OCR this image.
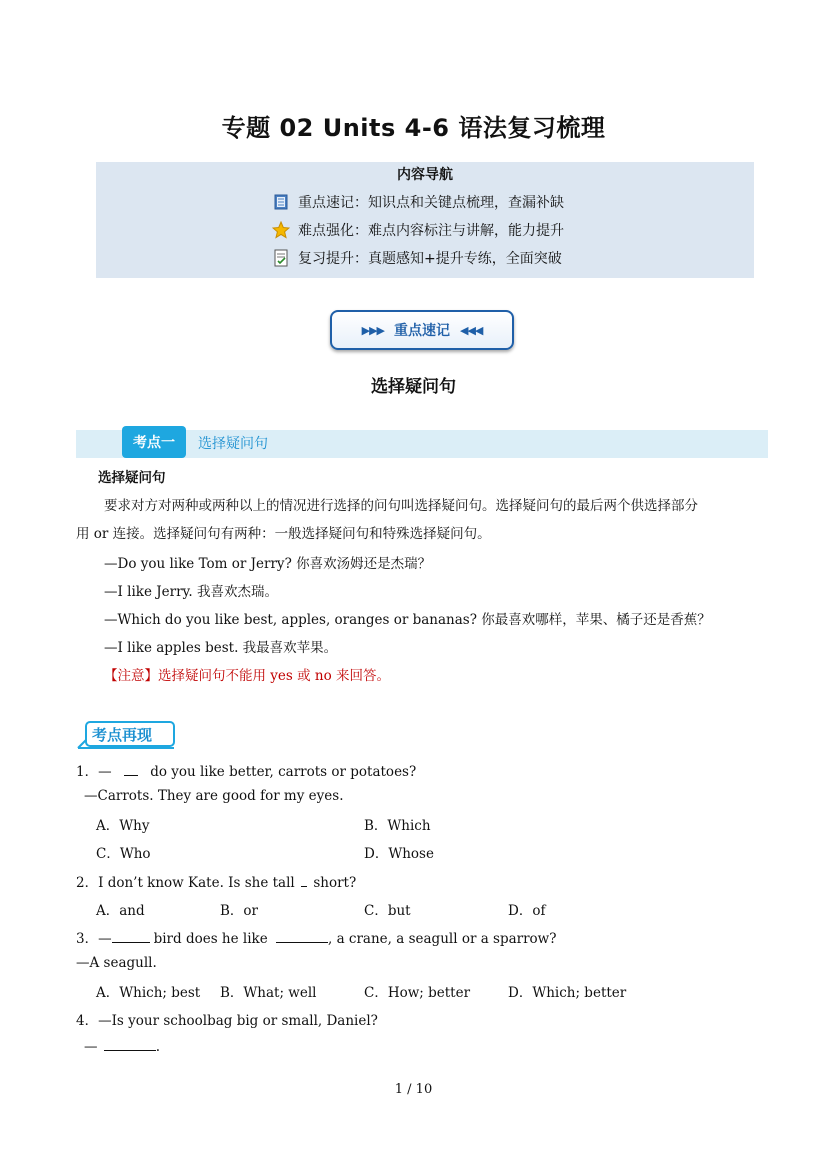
专题 02 Units 4-6 语法复习梳理
内容导航
重点速记：知识点和关键点梳理，查漏补缺
难点强化：难点内容标注与讲解，能力提升
复习提升：真题感知+提升专练，全面突破
▶▶▶ 重点速记 ◀◀◀
选择疑问句
考点一	选择疑问句
选择疑问句
要求对方对两种或两种以上的情况进行选择的问句叫选择疑问句。选择疑问句的最后两个供选择部分
用 or 连接。选择疑问句有两种：一般选择疑问句和特殊选择疑问句。
—Do you like Tom or Jerry? 你喜欢汤姆还是杰瑞？
—I like Jerry. 我喜欢杰瑞。
—Which do you like best, apples, oranges or bananas? 你最喜欢哪样，苹果、橘子还是香蕉？
—I like apples best. 我最喜欢苹果。
【注意】选择疑问句不能用 yes 或 no 来回答。
考点再现
1．—	do you like better, carrots or potatoes?
—Carrots. They are good for my eyes.
A．Why	B．Which
C．Who	D．Whose
2．I don’t know Kate. Is she tall short?
A．and	B．or	C．but	D．of
3．—	bird does he like	, a crane, a seagull or a sparrow?
—A seagull.
A．Which; best B．What; well	C．How; better	D．Which; better
4．—Is your schoolbag big or small, Daniel?
—	.
1 / 10
